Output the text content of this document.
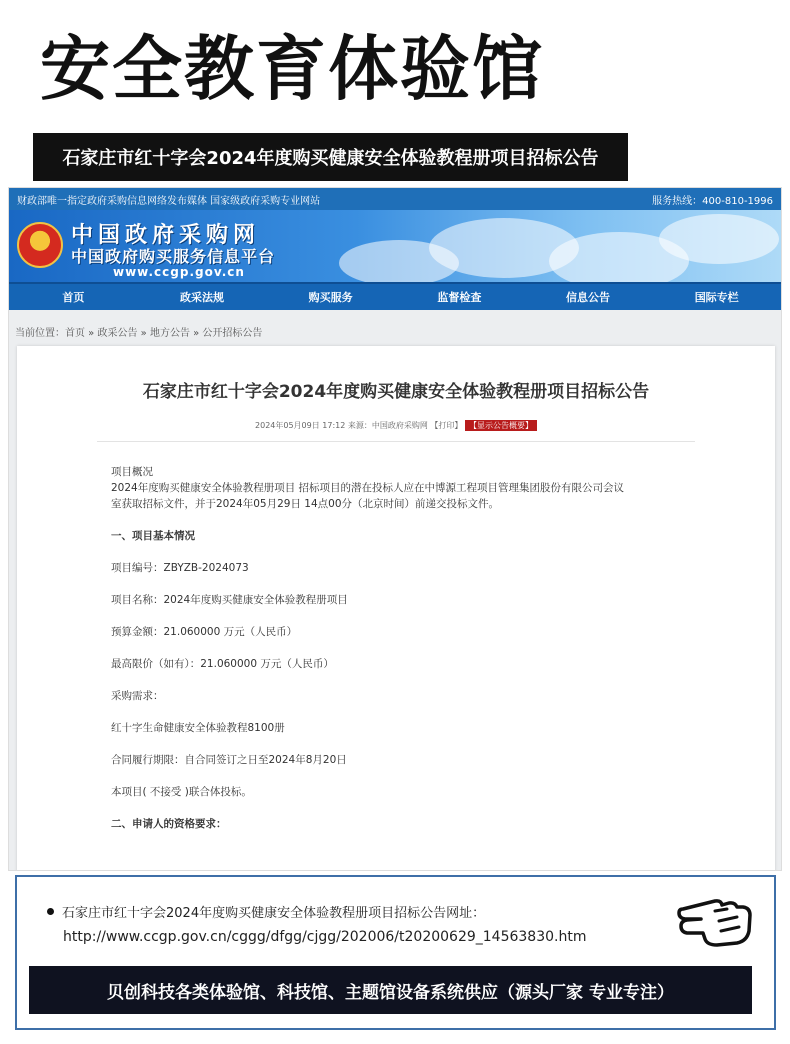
安全教育体验馆
石家庄市红十字会2024年度购买健康安全体验教程册项目招标公告
财政部唯一指定政府采购信息网络发布媒体 国家级政府采购专业网站	服务热线：400-810-1996
中国政府采购网
中国政府购买服务信息平台
www.ccgp.gov.cn
首页	政采法规	购买服务	监督检查	信息公告	国际专栏
当前位置：首页 » 政采公告 » 地方公告 » 公开招标公告
石家庄市红十字会2024年度购买健康安全体验教程册项目招标公告
2024年05月09日 17:12 来源：中国政府采购网 【打印】 【显示公告概要】
项目概况
2024年度购买健康安全体验教程册项目 招标项目的潜在投标人应在中博源工程项目管理集团股份有限公司会议
室获取招标文件，并于2024年05月29日 14点00分（北京时间）前递交投标文件。
一、项目基本情况
项目编号：ZBYZB-2024073
项目名称：2024年度购买健康安全体验教程册项目
预算金额：21.060000 万元（人民币）
最高限价（如有）：21.060000 万元（人民币）
采购需求：
红十字生命健康安全体验教程8100册
合同履行期限：自合同签订之日至2024年8月20日
本项目( 不接受 )联合体投标。
二、申请人的资格要求：
石家庄市红十字会2024年度购买健康安全体验教程册项目招标公告网址：
http://www.ccgp.gov.cn/cggg/dfgg/cjgg/202006/t20200629_14563830.htm
贝创科技各类体验馆、科技馆、主题馆设备系统供应（源头厂家 专业专注）
